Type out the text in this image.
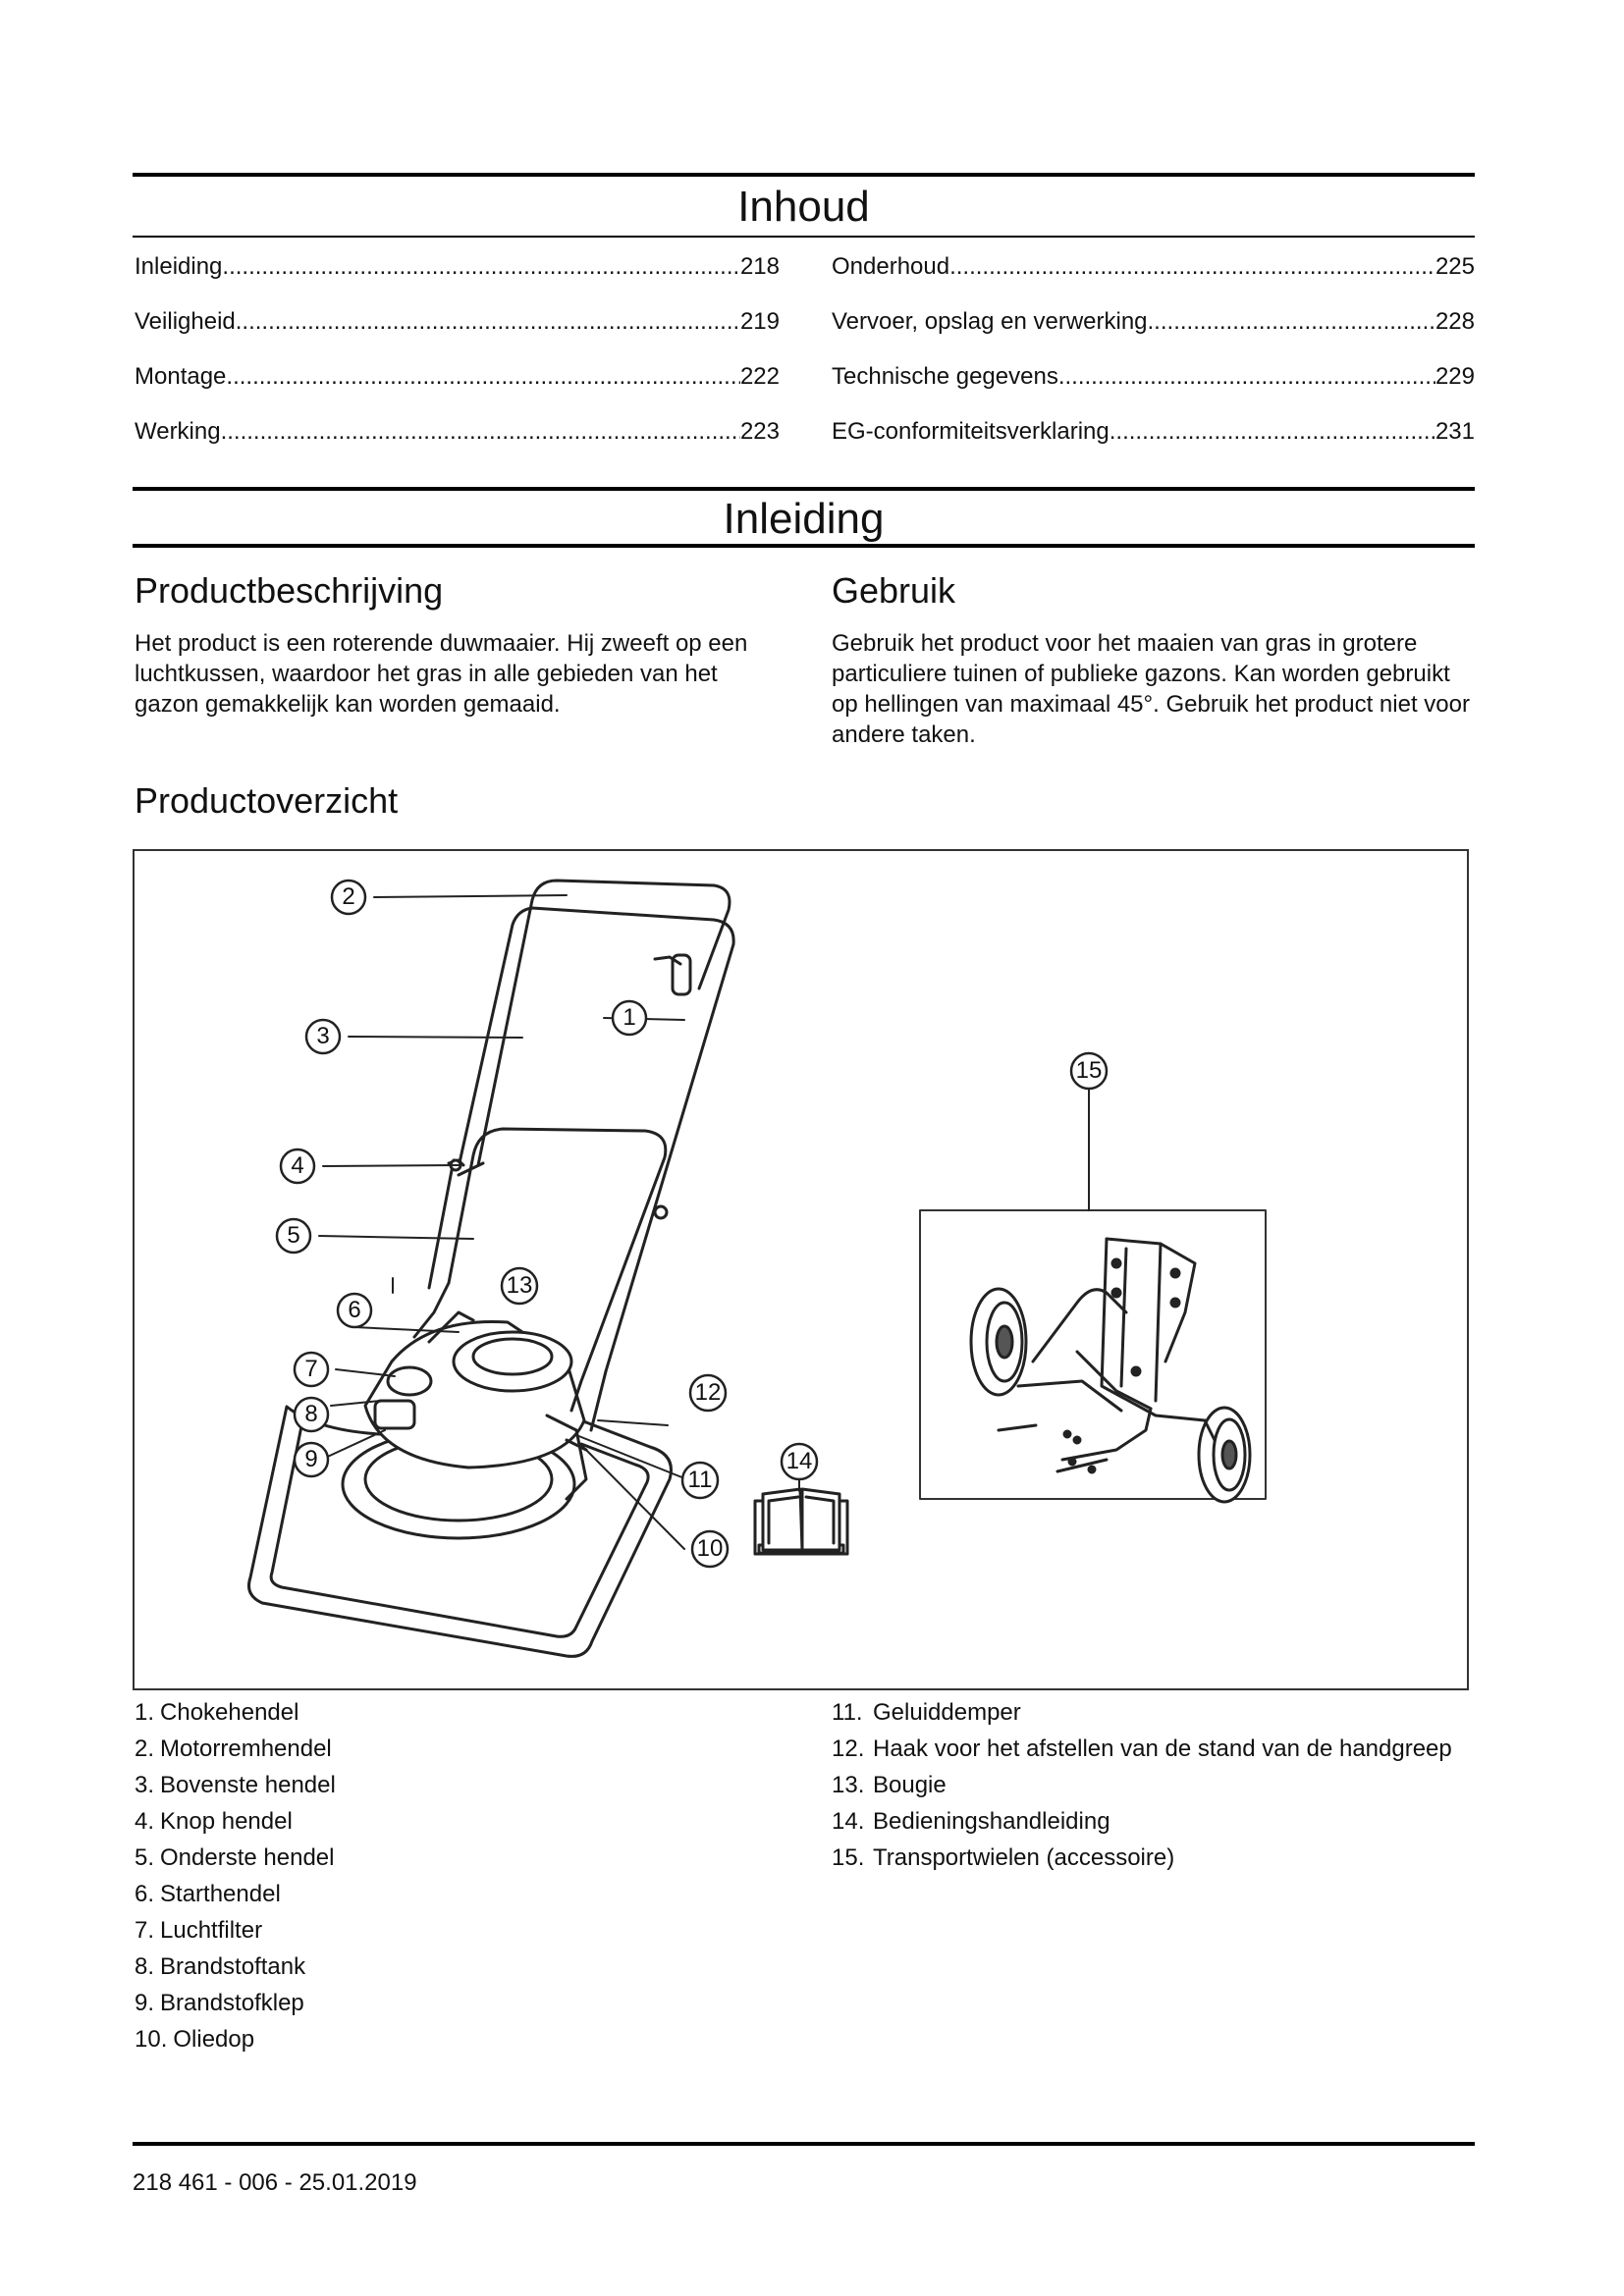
Inhoud
Inleiding .....	218
Veiligheid .....	219
Montage .....	222
Werking .....	223
Onderhoud .....	225
Vervoer, opslag en verwerking .....	228
Technische gegevens .....	229
EG-conformiteitsverklaring .....	231
Inleiding
Productbeschrijving

Het product is een roterende duwmaaier. Hij zweeft op een luchtkussen, waardoor het gras in alle gebieden van het gazon gemakkelijk kan worden gemaaid.

Gebruik

Gebruik het product voor het maaien van gras in grotere particuliere tuinen of publieke gazons. Kan worden gebruikt op hellingen van maximaal 45°. Gebruik het product niet voor andere taken.

Productoverzicht
1
2
3
4
5
6
7
8
9
10
11
12
13
14
15
1. Chokehendel
2. Motorremhendel
3. Bovenste hendel
4. Knop hendel
5. Onderste hendel
6. Starthendel
7. Luchtfilter
8. Brandstoftank
9. Brandstofklep
10. Oliedop
11. Geluiddemper
12. Haak voor het afstellen van de stand van de handgreep
13. Bougie
14. Bedieningshandleiding
15. Transportwielen (accessoire)
218 461 - 006 - 25.01.2019
